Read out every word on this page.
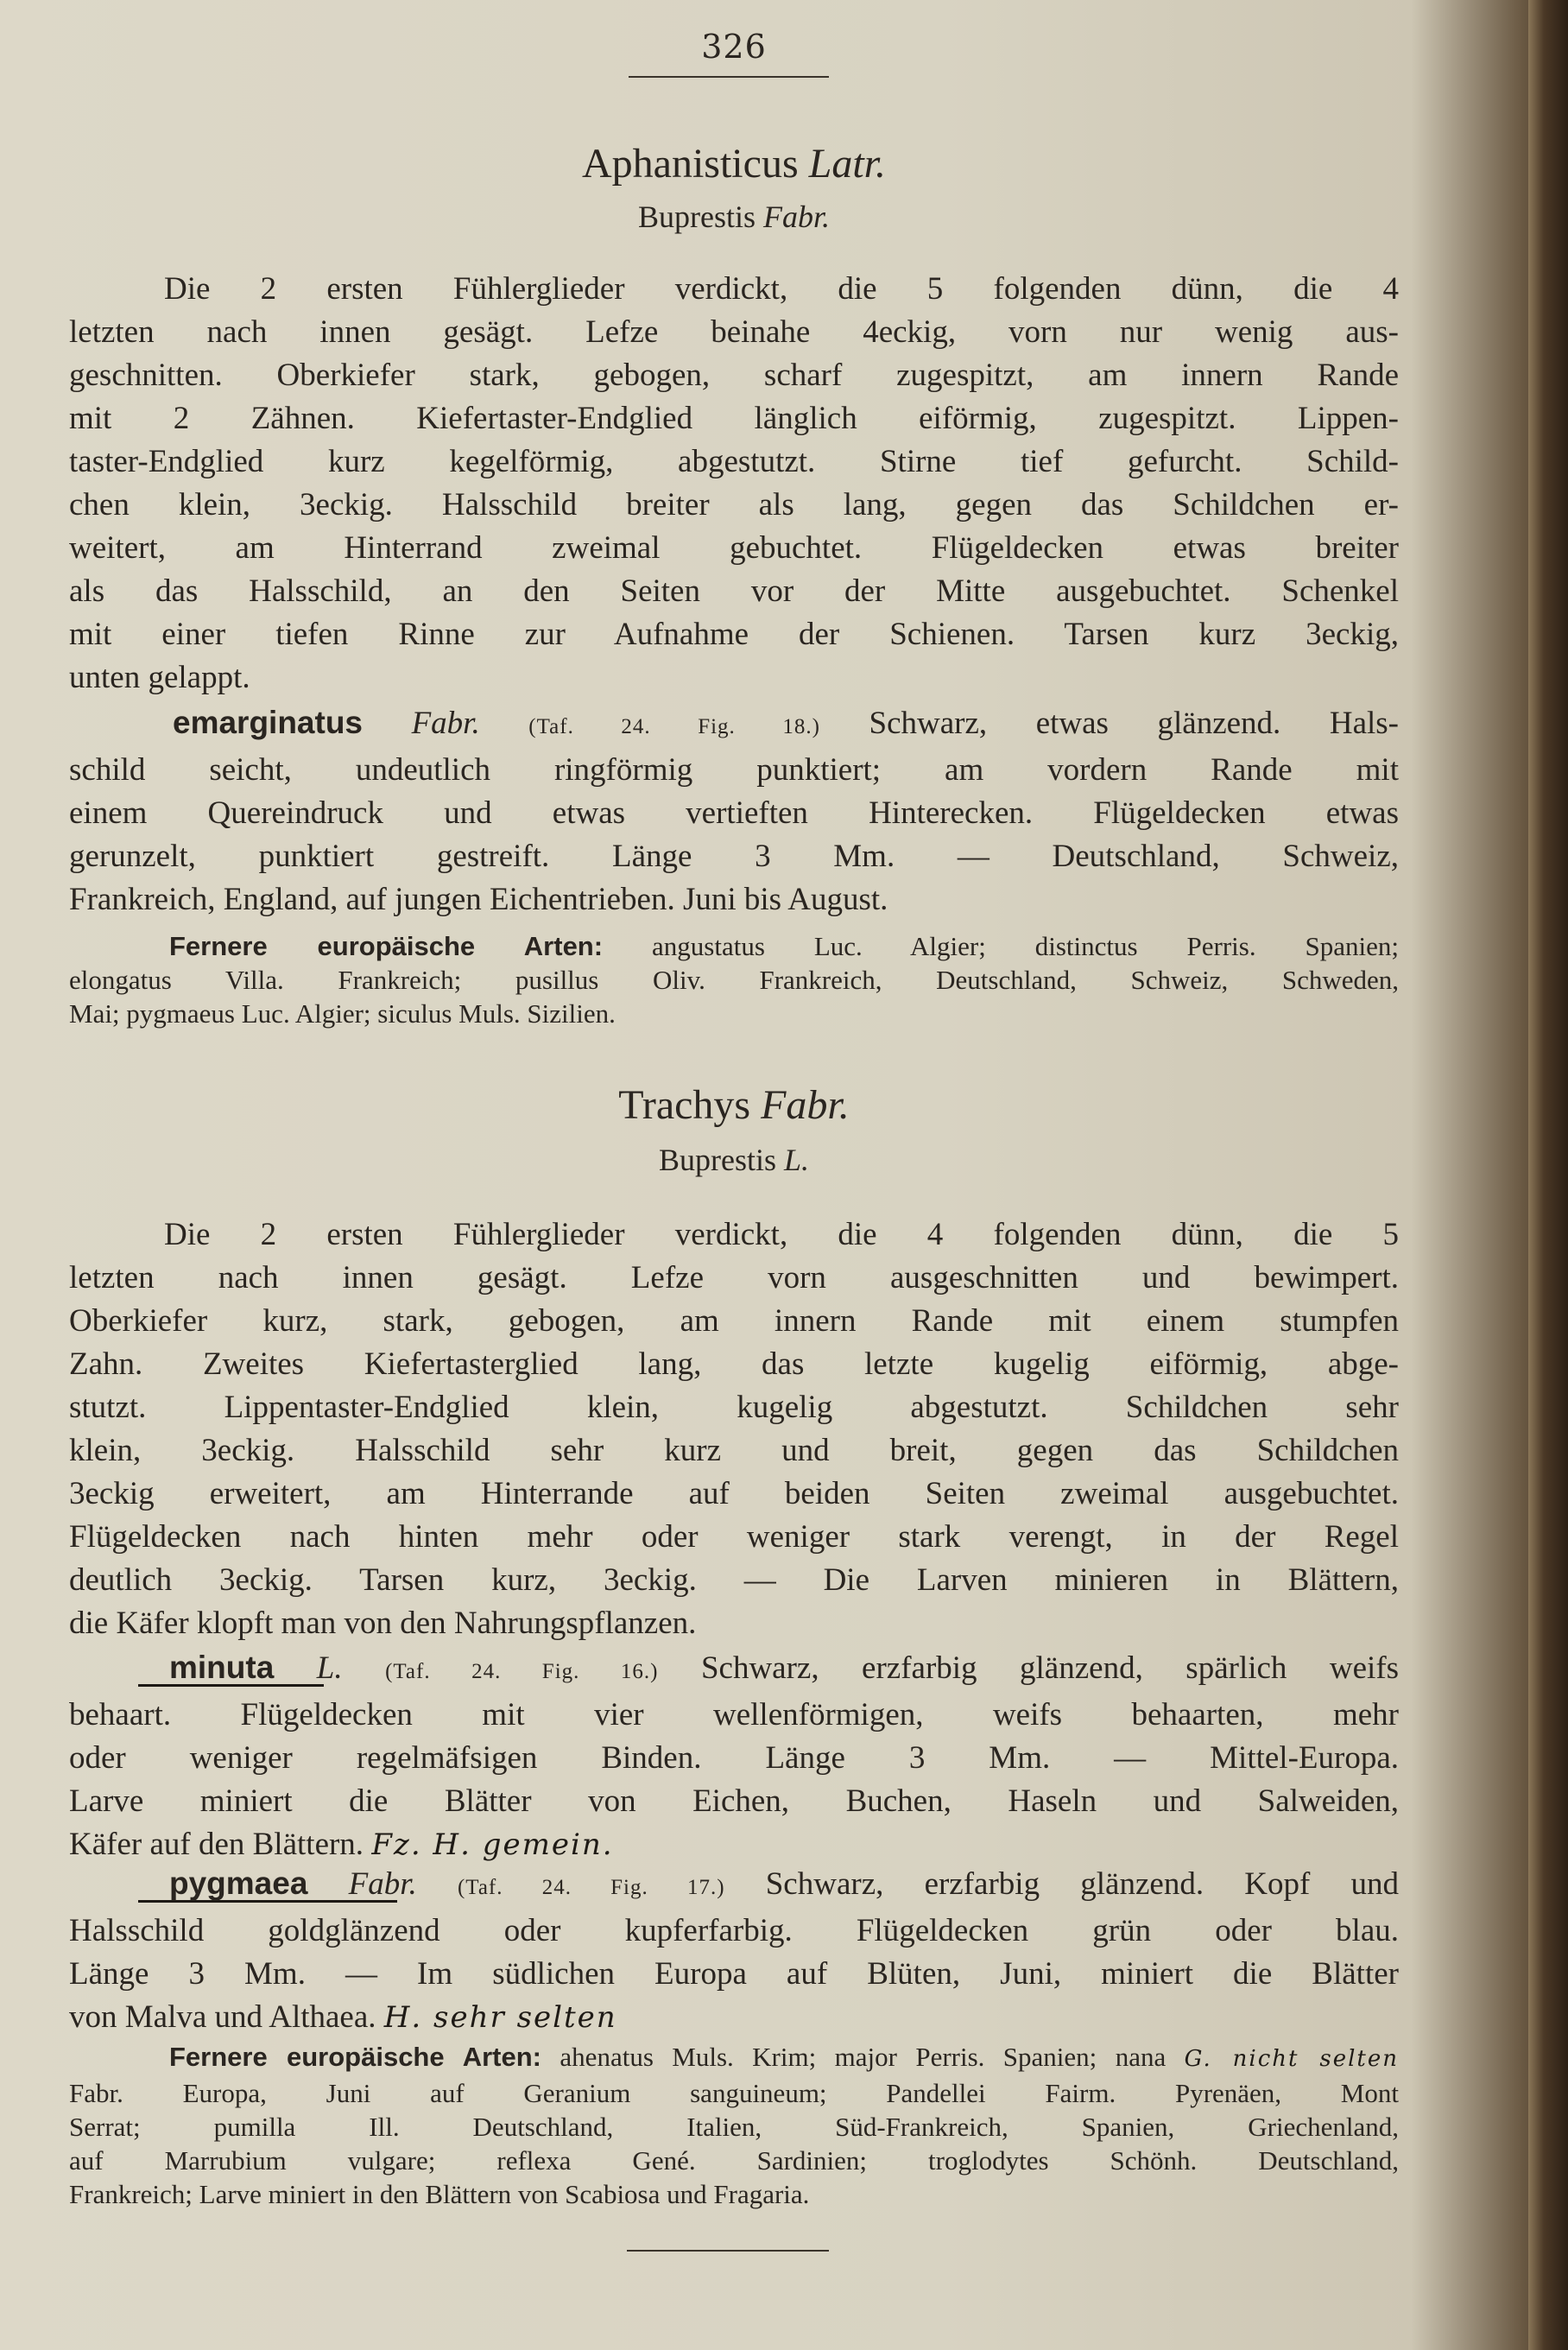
326
Aphanisticus Latr.
Buprestis Fabr.
Die 2 ersten Fühlerglieder verdickt, die 5 folgenden dünn, die 4
letzten nach innen gesägt. Lefze beinahe 4eckig, vorn nur wenig aus-
geschnitten. Oberkiefer stark, gebogen, scharf zugespitzt, am innern Rande
mit 2 Zähnen. Kiefertaster-Endglied länglich eiförmig, zugespitzt. Lippen-
taster-Endglied kurz kegelförmig, abgestutzt. Stirne tief gefurcht. Schild-
chen klein, 3eckig. Halsschild breiter als lang, gegen das Schildchen er-
weitert, am Hinterrand zweimal gebuchtet. Flügeldecken etwas breiter
als das Halsschild, an den Seiten vor der Mitte ausgebuchtet. Schenkel
mit einer tiefen Rinne zur Aufnahme der Schienen. Tarsen kurz 3eckig,
unten gelappt.
emarginatus Fabr. (Taf. 24. Fig. 18.) Schwarz, etwas glänzend. Hals-
schild seicht, undeutlich ringförmig punktiert; am vordern Rande mit
einem Quereindruck und etwas vertieften Hinterecken. Flügeldecken etwas
gerunzelt, punktiert gestreift. Länge 3 Mm. — Deutschland, Schweiz,
Frankreich, England, auf jungen Eichentrieben. Juni bis August.
Fernere europäische Arten: angustatus Luc. Algier; distinctus Perris. Spanien;
elongatus Villa. Frankreich; pusillus Oliv. Frankreich, Deutschland, Schweiz, Schweden,
Mai; pygmaeus Luc. Algier; siculus Muls. Sizilien.
Trachys Fabr.
Buprestis L.
Die 2 ersten Fühlerglieder verdickt, die 4 folgenden dünn, die 5
letzten nach innen gesägt. Lefze vorn ausgeschnitten und bewimpert.
Oberkiefer kurz, stark, gebogen, am innern Rande mit einem stumpfen
Zahn. Zweites Kiefertasterglied lang, das letzte kugelig eiförmig, abge-
stutzt. Lippentaster-Endglied klein, kugelig abgestutzt. Schildchen sehr
klein, 3eckig. Halsschild sehr kurz und breit, gegen das Schildchen
3eckig erweitert, am Hinterrande auf beiden Seiten zweimal ausgebuchtet.
Flügeldecken nach hinten mehr oder weniger stark verengt, in der Regel
deutlich 3eckig. Tarsen kurz, 3eckig. — Die Larven minieren in Blättern,
die Käfer klopft man von den Nahrungspflanzen.
minuta L. (Taf. 24. Fig. 16.) Schwarz, erzfarbig glänzend, spärlich weifs
behaart. Flügeldecken mit vier wellenförmigen, weifs behaarten, mehr
oder weniger regelmäfsigen Binden. Länge 3 Mm. — Mittel-Europa.
Larve miniert die Blätter von Eichen, Buchen, Haseln und Salweiden,
Käfer auf den Blättern. Fz. H. gemein.
pygmaea Fabr. (Taf. 24. Fig. 17.) Schwarz, erzfarbig glänzend. Kopf und
Halsschild goldglänzend oder kupferfarbig. Flügeldecken grün oder blau.
Länge 3 Mm. — Im südlichen Europa auf Blüten, Juni, miniert die Blätter
von Malva und Althaea. H. sehr selten
Fernere europäische Arten: ahenatus Muls. Krim; major Perris. Spanien; nana G. nicht selten
Fabr. Europa, Juni auf Geranium sanguineum; Pandellei Fairm. Pyrenäen, Mont
Serrat; pumilla Ill. Deutschland, Italien, Süd-Frankreich, Spanien, Griechenland,
auf Marrubium vulgare; reflexa Gené. Sardinien; troglodytes Schönh. Deutschland,
Frankreich; Larve miniert in den Blättern von Scabiosa und Fragaria.
